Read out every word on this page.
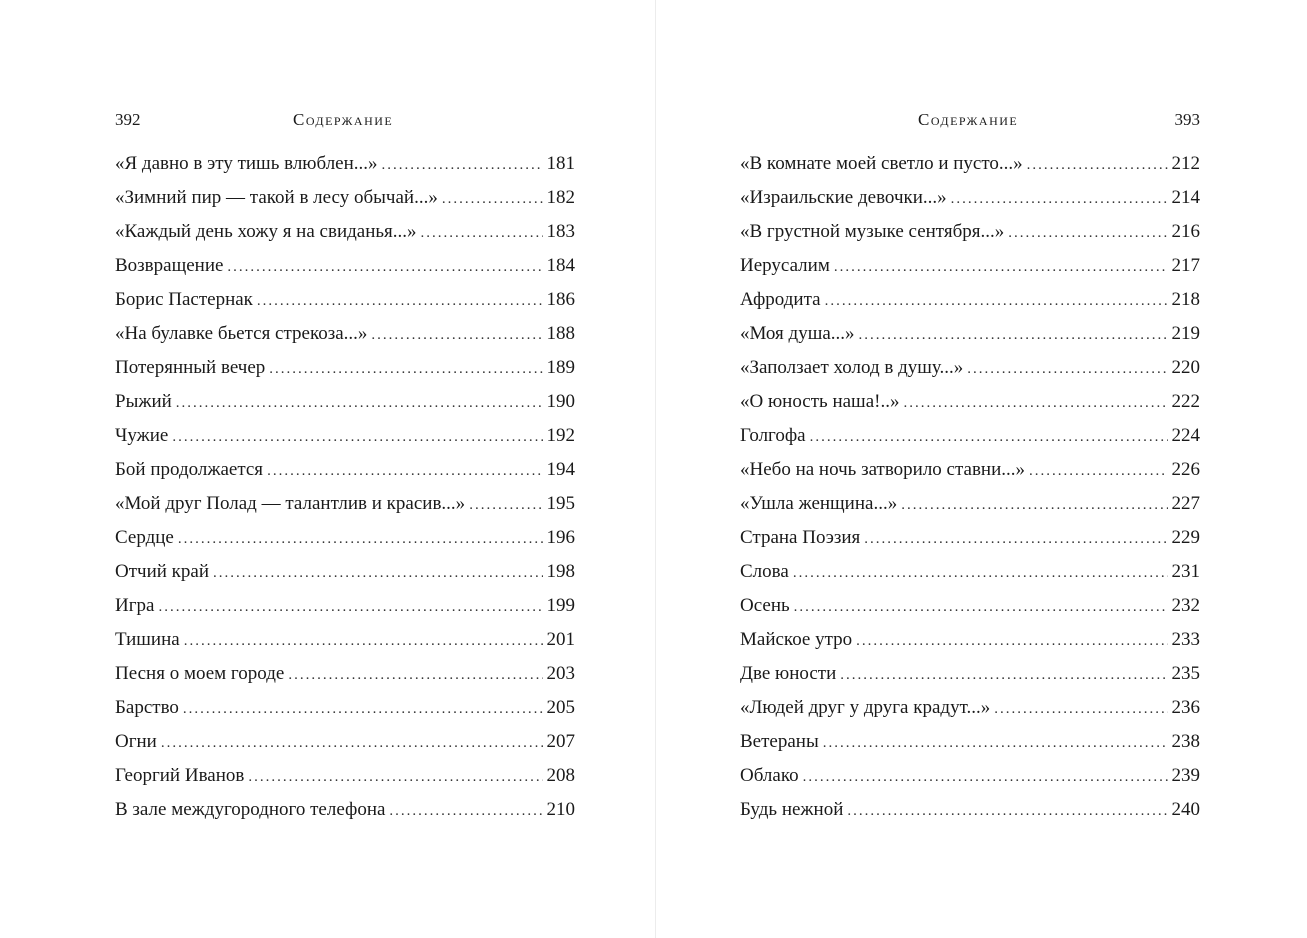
392	Содержание
«Я давно в эту тишь влюблен...» .....	181
«Зимний пир — такой в лесу обычай...» .....	182
«Каждый день хожу я на свиданья...» .....	183
Возвращение .....	184
Борис Пастернак .....	186
«На булавке бьется стрекоза...» .....	188
Потерянный вечер .....	189
Рыжий .....	190
Чужие .....	192
Бой продолжается .....	194
«Мой друг Полад — талантлив и красив...» .....	195
Сердце .....	196
Отчий край .....	198
Игра .....	199
Тишина .....	201
Песня о моем городе .....	203
Барство .....	205
Огни .....	207
Георгий Иванов .....	208
В зале междугородного телефона .....	210
Содержание	393
«В комнате моей светло и пусто...» .....	212
«Израильские девочки...» .....	214
«В грустной музыке сентября...» .....	216
Иерусалим .....	217
Афродита .....	218
«Моя душа...» .....	219
«Заползает холод в душу...» .....	220
«О юность наша!..» .....	222
Голгофа .....	224
«Небо на ночь затворило ставни...» .....	226
«Ушла женщина...» .....	227
Страна Поэзия .....	229
Слова .....	231
Осень .....	232
Майское утро .....	233
Две юности .....	235
«Людей друг у друга крадут...» .....	236
Ветераны .....	238
Облако .....	239
Будь нежной .....	240
